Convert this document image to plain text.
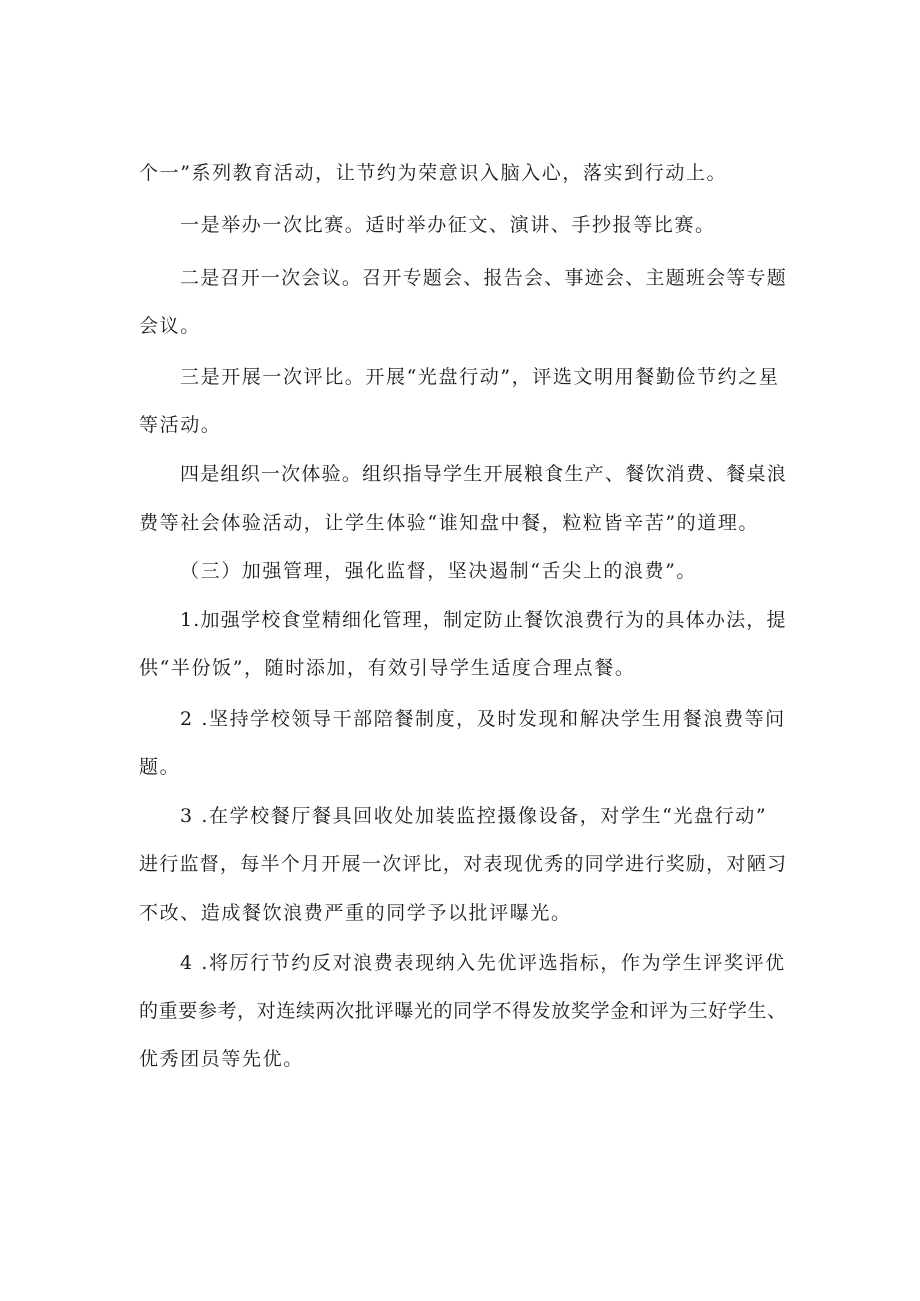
个一”系列教育活动，让节约为荣意识入脑入心，落实到行动上。
一是举办一次比赛。适时举办征文、演讲、手抄报等比赛。
二是召开一次会议。召开专题会、报告会、事迹会、主题班会等专题
会议。
三是开展一次评比。开展“光盘行动”，评选文明用餐勤俭节约之星
等活动。
四是组织一次体验。组织指导学生开展粮食生产、餐饮消费、餐桌浪
费等社会体验活动，让学生体验“谁知盘中餐，粒粒皆辛苦”的道理。
（三）加强管理，强化监督，坚决遏制“舌尖上的浪费”。
1.加强学校食堂精细化管理，制定防止餐饮浪费行为的具体办法，提
供“半份饭”，随时添加，有效引导学生适度合理点餐。
2 .坚持学校领导干部陪餐制度，及时发现和解决学生用餐浪费等问
题。
3 .在学校餐厅餐具回收处加装监控摄像设备，对学生“光盘行动”
进行监督，每半个月开展一次评比，对表现优秀的同学进行奖励，对陋习
不改、造成餐饮浪费严重的同学予以批评曝光。
4 .将厉行节约反对浪费表现纳入先优评选指标，作为学生评奖评优
的重要参考，对连续两次批评曝光的同学不得发放奖学金和评为三好学生、
优秀团员等先优。
